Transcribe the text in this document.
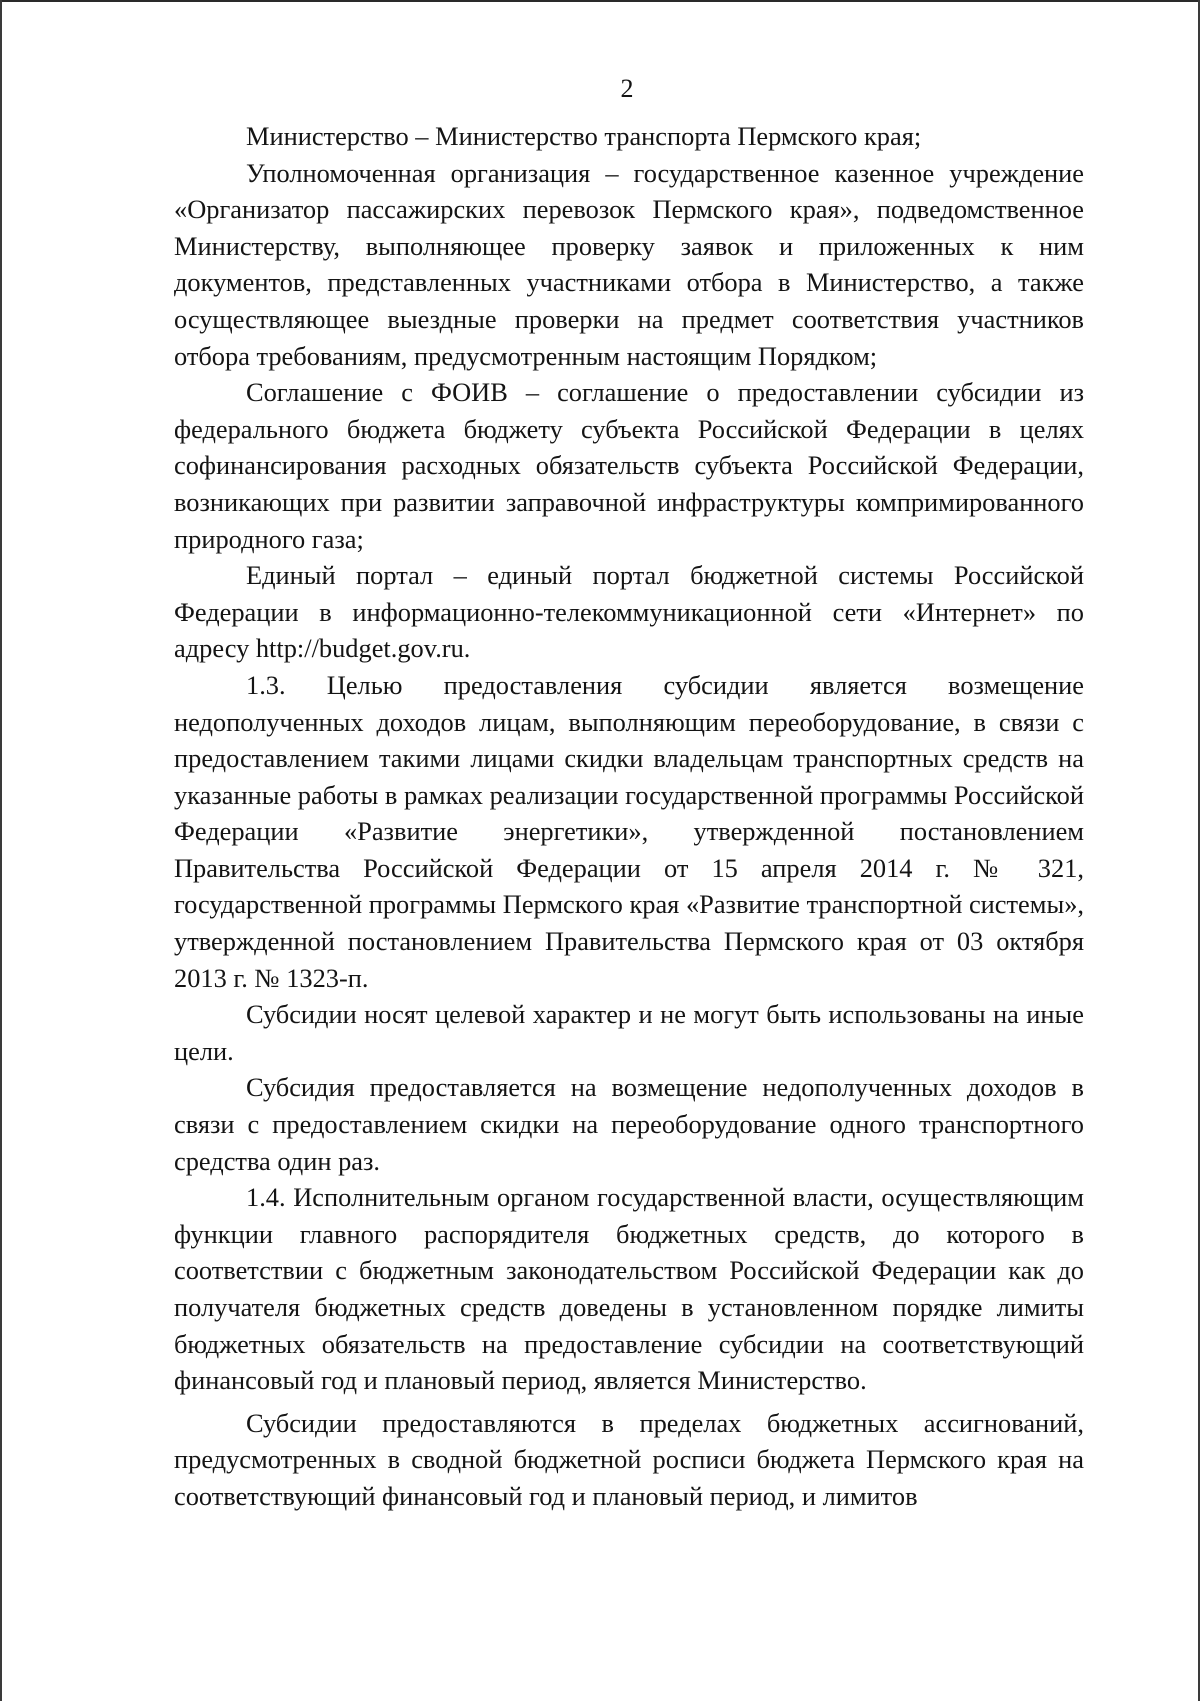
2

Министерство – Министерство транспорта Пермского края;

Уполномоченная организация – государственное казенное учреждение «Организатор пассажирских перевозок Пермского края», подведомственное Министерству, выполняющее проверку заявок и приложенных к ним документов, представленных участниками отбора в Министерство, а также осуществляющее выездные проверки на предмет соответствия участников отбора требованиям, предусмотренным настоящим Порядком;

Соглашение с ФОИВ – соглашение о предоставлении субсидии из федерального бюджета бюджету субъекта Российской Федерации в целях софинансирования расходных обязательств субъекта Российской Федерации, возникающих при развитии заправочной инфраструктуры компримированного природного газа;

Единый портал – единый портал бюджетной системы Российской Федерации в информационно-телекоммуникационной сети «Интернет» по адресу http://budget.gov.ru.

1.3. Целью предоставления субсидии является возмещение недополученных доходов лицам, выполняющим переоборудование, в связи с предоставлением такими лицами скидки владельцам транспортных средств на указанные работы в рамках реализации государственной программы Российской Федерации «Развитие энергетики», утвержденной постановлением Правительства Российской Федерации от 15 апреля 2014 г. № 321, государственной программы Пермского края «Развитие транспортной системы», утвержденной постановлением Правительства Пермского края от 03 октября 2013 г. № 1323-п.

Субсидии носят целевой характер и не могут быть использованы на иные цели.

Субсидия предоставляется на возмещение недополученных доходов в связи с предоставлением скидки на переоборудование одного транспортного средства один раз.

1.4. Исполнительным органом государственной власти, осуществляющим функции главного распорядителя бюджетных средств, до которого в соответствии с бюджетным законодательством Российской Федерации как до получателя бюджетных средств доведены в установленном порядке лимиты бюджетных обязательств на предоставление субсидии на соответствующий финансовый год и плановый период, является Министерство.

Субсидии предоставляются в пределах бюджетных ассигнований, предусмотренных в сводной бюджетной росписи бюджета Пермского края на соответствующий финансовый год и плановый период, и лимитов
